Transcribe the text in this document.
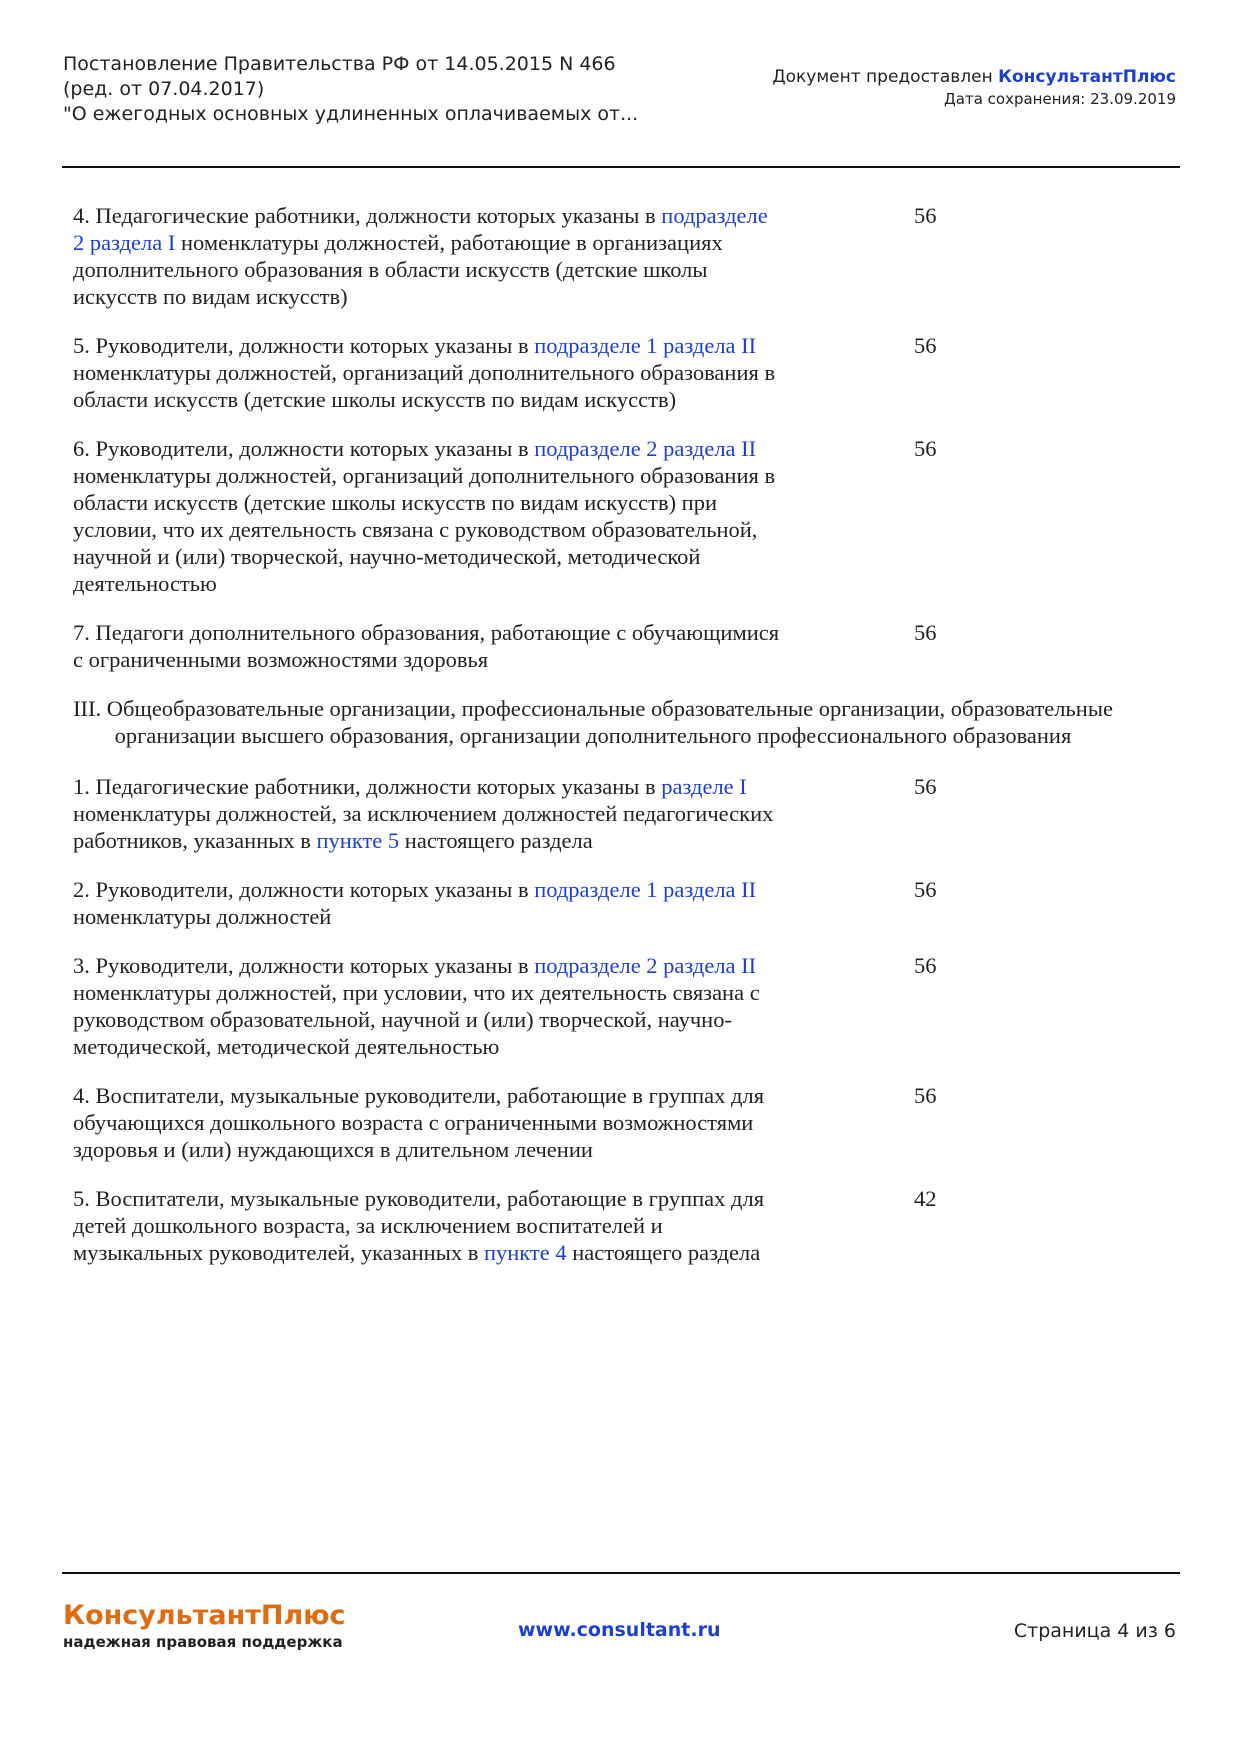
Постановление Правительства РФ от 14.05.2015 N 466
(ред. от 07.04.2017)
"О ежегодных основных удлиненных оплачиваемых от...
Документ предоставлен КонсультантПлюс
Дата сохранения: 23.09.2019
4. Педагогические работники, должности которых указаны в подразделе 2 раздела I номенклатуры должностей, работающие в организациях дополнительного образования в области искусств (детские школы искусств по видам искусств)
56
5. Руководители, должности которых указаны в подразделе 1 раздела II номенклатуры должностей, организаций дополнительного образования в области искусств (детские школы искусств по видам искусств)
56
6. Руководители, должности которых указаны в подразделе 2 раздела II номенклатуры должностей, организаций дополнительного образования в области искусств (детские школы искусств по видам искусств) при условии, что их деятельность связана с руководством образовательной, научной и (или) творческой, научно-методической, методической деятельностью
56
7. Педагоги дополнительного образования, работающие с обучающимися с ограниченными возможностями здоровья
56
III. Общеобразовательные организации, профессиональные образовательные организации, образовательные организации высшего образования, организации дополнительного профессионального образования
1. Педагогические работники, должности которых указаны в разделе I номенклатуры должностей, за исключением должностей педагогических работников, указанных в пункте 5 настоящего раздела
56
2. Руководители, должности которых указаны в подразделе 1 раздела II номенклатуры должностей
56
3. Руководители, должности которых указаны в подразделе 2 раздела II номенклатуры должностей, при условии, что их деятельность связана с руководством образовательной, научной и (или) творческой, научно-методической, методической деятельностью
56
4. Воспитатели, музыкальные руководители, работающие в группах для обучающихся дошкольного возраста с ограниченными возможностями здоровья и (или) нуждающихся в длительном лечении
56
5. Воспитатели, музыкальные руководители, работающие в группах для детей дошкольного возраста, за исключением воспитателей и музыкальных руководителей, указанных в пункте 4 настоящего раздела
42
КонсультантПлюс
надежная правовая поддержка
www.consultant.ru	Страница 4 из 6
